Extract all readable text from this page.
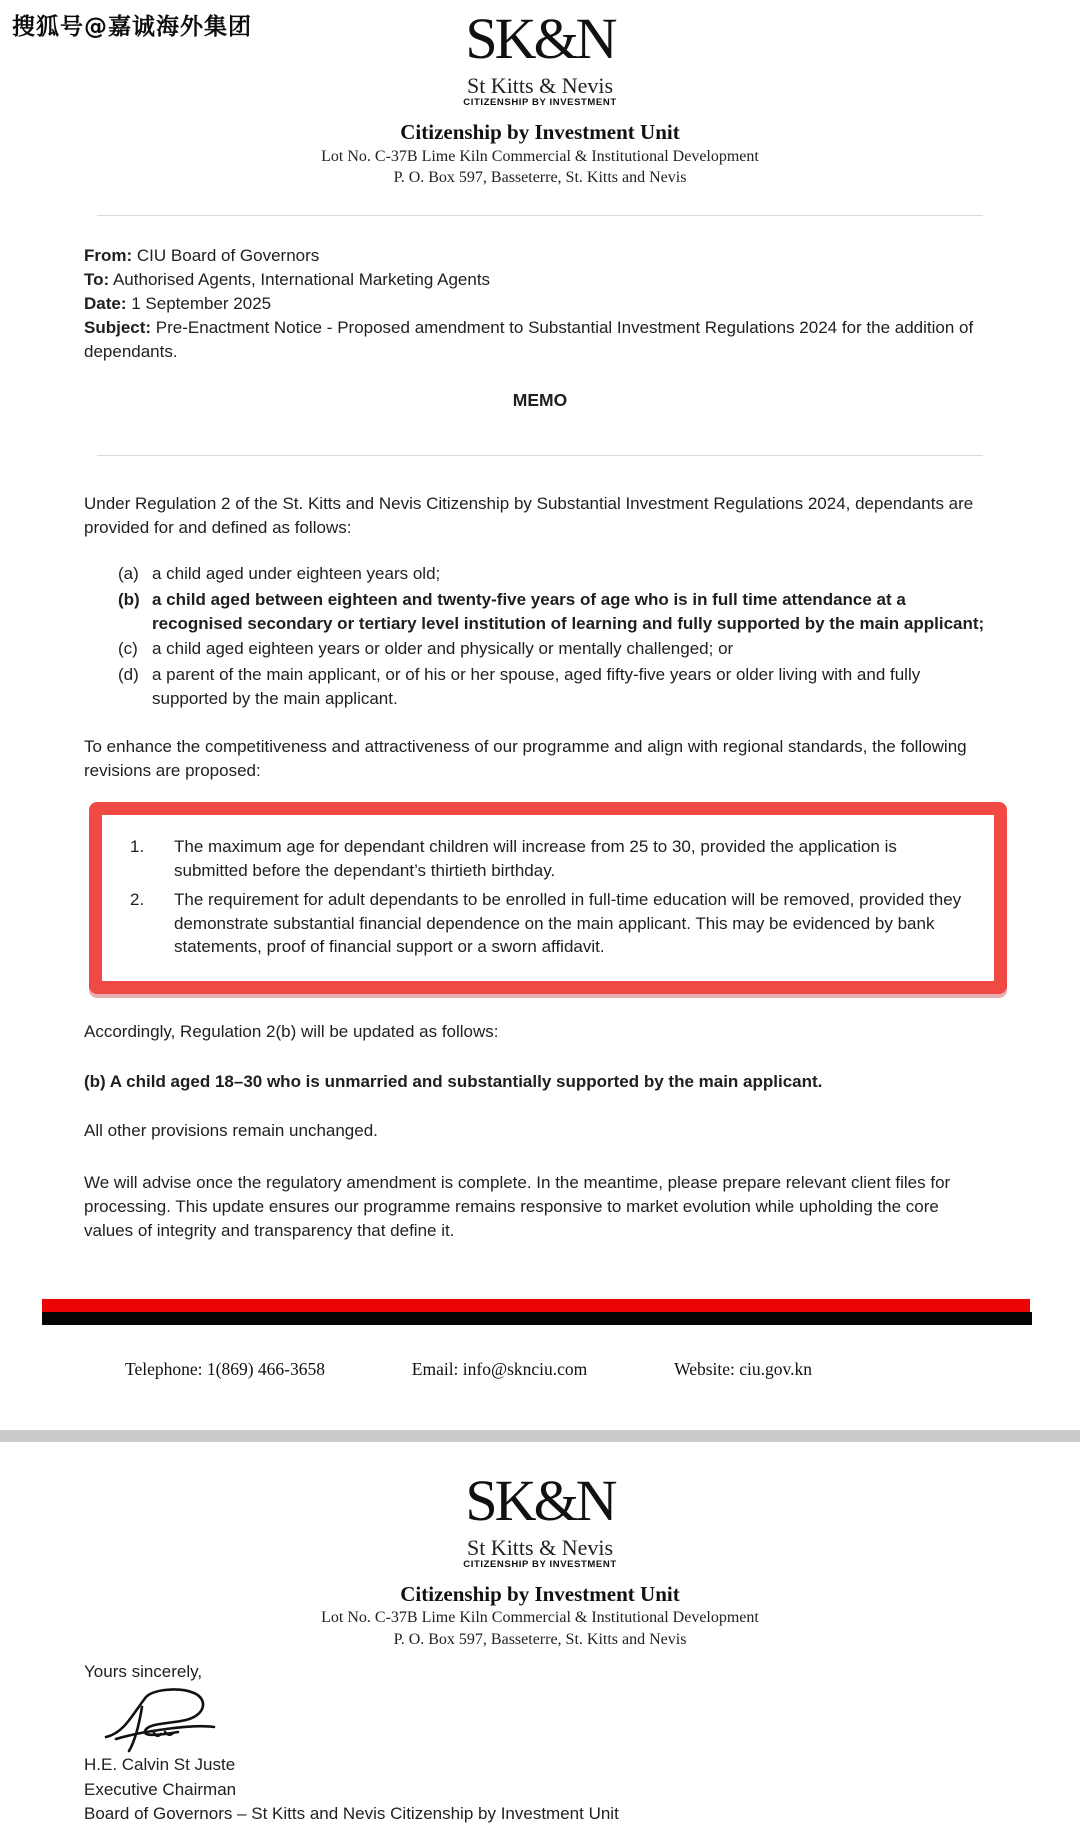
搜狐号@嘉诚海外集团	SK&N
St Kitts & Nevis
CITIZENSHIP BY INVESTMENT
Citizenship by Investment Unit
Lot No. C-37B Lime Kiln Commercial & Institutional Development
P. O. Box 597, Basseterre, St. Kitts and Nevis
From: CIU Board of Governors
To: Authorised Agents, International Marketing Agents
Date: 1 September 2025
Subject: Pre-Enactment Notice - Proposed amendment to Substantial Investment Regulations 2024 for the addition of dependants.
MEMO
Under Regulation 2 of the St. Kitts and Nevis Citizenship by Substantial Investment Regulations 2024, dependants are provided for and defined as follows:
(a) a child aged under eighteen years old;
(b) a child aged between eighteen and twenty-five years of age who is in full time attendance at a recognised secondary or tertiary level institution of learning and fully supported by the main applicant;
(c) a child aged eighteen years or older and physically or mentally challenged; or
(d) a parent of the main applicant, or of his or her spouse, aged fifty-five years or older living with and fully supported by the main applicant.
To enhance the competitiveness and attractiveness of our programme and align with regional standards, the following revisions are proposed:
1.	The maximum age for dependant children will increase from 25 to 30, provided the application is submitted before the dependant’s thirtieth birthday.
2.	The requirement for adult dependants to be enrolled in full-time education will be removed, provided they demonstrate substantial financial dependence on the main applicant. This may be evidenced by bank statements, proof of financial support or a sworn affidavit.
Accordingly, Regulation 2(b) will be updated as follows:
(b) A child aged 18–30 who is unmarried and substantially supported by the main applicant.
All other provisions remain unchanged.
We will advise once the regulatory amendment is complete. In the meantime, please prepare relevant client files for processing. This update ensures our programme remains responsive to market evolution while upholding the core values of integrity and transparency that define it.
Telephone: 1(869) 466-3658	Email: info@sknciu.com	Website: ciu.gov.kn
SK&N
St Kitts & Nevis
CITIZENSHIP BY INVESTMENT
Citizenship by Investment Unit
Lot No. C-37B Lime Kiln Commercial & Institutional Development
P. O. Box 597, Basseterre, St. Kitts and Nevis
Yours sincerely,
H.E. Calvin St Juste
Executive Chairman
Board of Governors – St Kitts and Nevis Citizenship by Investment Unit
